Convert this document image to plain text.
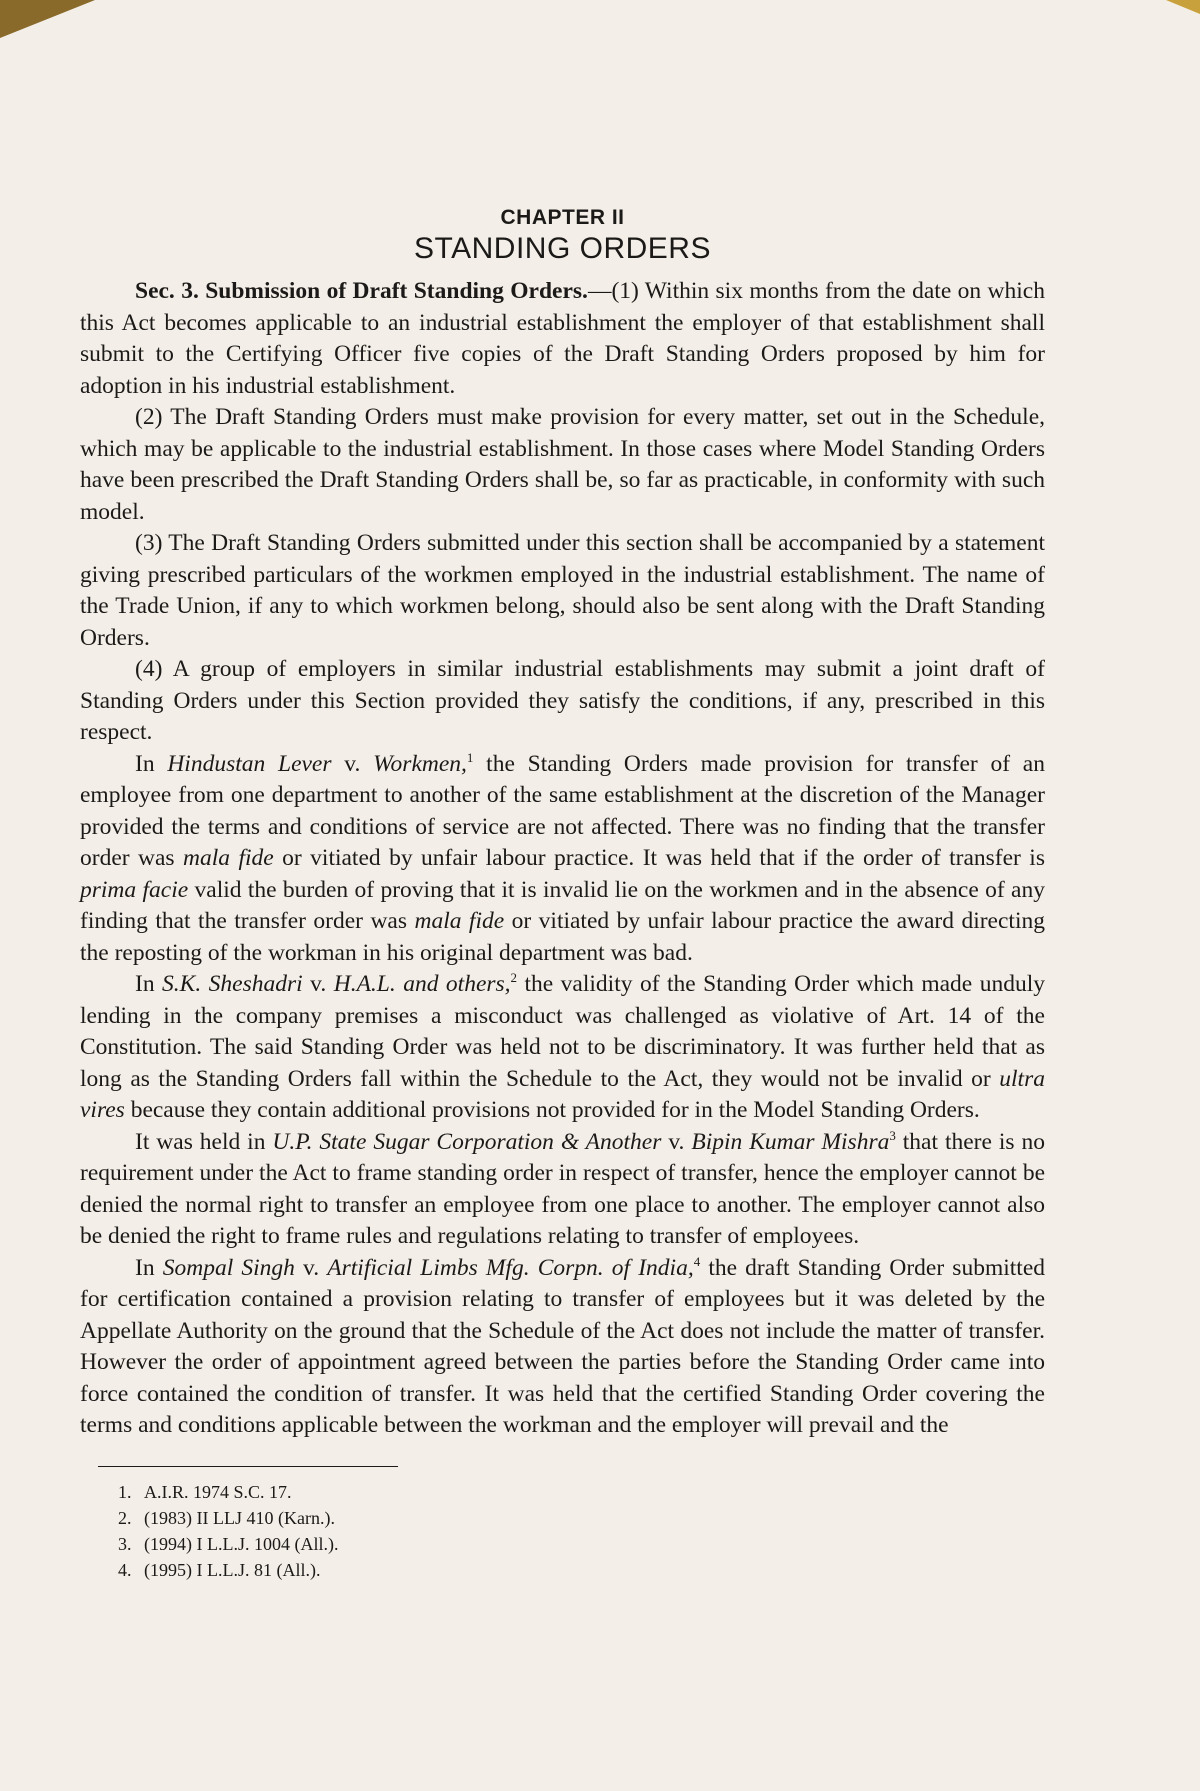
CHAPTER II
STANDING ORDERS

Sec. 3. Submission of Draft Standing Orders.—(1) Within six months from the date on which this Act becomes applicable to an industrial establishment the employer of that establishment shall submit to the Certifying Officer five copies of the Draft Standing Orders proposed by him for adoption in his industrial establishment.

(2) The Draft Standing Orders must make provision for every matter, set out in the Schedule, which may be applicable to the industrial establishment. In those cases where Model Standing Orders have been prescribed the Draft Standing Orders shall be, so far as practicable, in conformity with such model.

(3) The Draft Standing Orders submitted under this section shall be accompanied by a statement giving prescribed particulars of the workmen employed in the industrial establishment. The name of the Trade Union, if any to which workmen belong, should also be sent along with the Draft Standing Orders.

(4) A group of employers in similar industrial establishments may submit a joint draft of Standing Orders under this Section provided they satisfy the conditions, if any, prescribed in this respect.

In Hindustan Lever v. Workmen,$^1$ the Standing Orders made provision for transfer of an employee from one department to another of the same establishment at the discretion of the Manager provided the terms and conditions of service are not affected. There was no finding that the transfer order was mala fide or vitiated by unfair labour practice. It was held that if the order of transfer is prima facie valid the burden of proving that it is invalid lie on the workmen and in the absence of any finding that the transfer order was mala fide or vitiated by unfair labour practice the award directing the reposting of the workman in his original department was bad.

In S.K. Sheshadri v. H.A.L. and others,$^2$ the validity of the Standing Order which made unduly lending in the company premises a misconduct was challenged as violative of Art. 14 of the Constitution. The said Standing Order was held not to be discriminatory. It was further held that as long as the Standing Orders fall within the Schedule to the Act, they would not be invalid or ultra vires because they contain additional provisions not provided for in the Model Standing Orders.

It was held in U.P. State Sugar Corporation & Another v. Bipin Kumar Mishra$^3$ that there is no requirement under the Act to frame standing order in respect of transfer, hence the employer cannot be denied the normal right to transfer an employee from one place to another. The employer cannot also be denied the right to frame rules and regulations relating to transfer of employees.

In Sompal Singh v. Artificial Limbs Mfg. Corpn. of India,$^4$ the draft Standing Order submitted for certification contained a provision relating to transfer of employees but it was deleted by the Appellate Authority on the ground that the Schedule of the Act does not include the matter of transfer. However the order of appointment agreed between the parties before the Standing Order came into force contained the condition of transfer. It was held that the certified Standing Order covering the terms and conditions applicable between the workman and the employer will prevail and the

1. A.I.R. 1974 S.C. 17.
2. (1983) II LLJ 410 (Karn.).
3. (1994) I L.L.J. 1004 (All.).
4. (1995) I L.L.J. 81 (All.).
